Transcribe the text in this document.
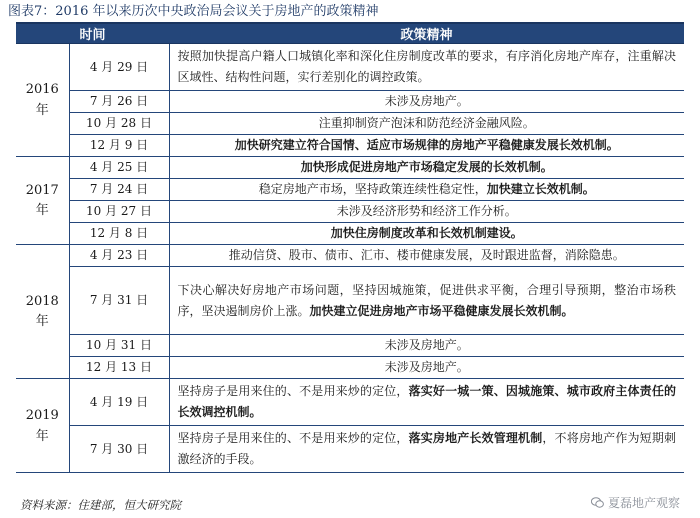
图表7：2016 年以来历次中央政治局会议关于房地产的政策精神
时间		政策精神

2016
年	4 月 29 日	按照加快提高户籍人口城镇化率和深化住房制度改革的要求，有序消化房地产库存，注重解决区域性、结构性问题，实行差别化的调控政策。
	7 月 26 日	未涉及房地产。
	10 月 28 日	注重抑制资产泡沫和防范经济金融风险。
	12 月 9 日	加快研究建立符合国情、适应市场规律的房地产平稳健康发展长效机制。

2017
年	4 月 25 日	加快形成促进房地产市场稳定发展的长效机制。
	7 月 24 日	稳定房地产市场，坚持政策连续性稳定性，加快建立长效机制。
	10 月 27 日	未涉及经济形势和经济工作分析。
	12 月 8 日	加快住房制度改革和长效机制建设。

2018
年	4 月 23 日	推动信贷、股市、债市、汇市、楼市健康发展，及时跟进监督，消除隐患。
	7 月 31 日	下决心解决好房地产市场问题，坚持因城施策，促进供求平衡，合理引导预期，整治市场秩序，坚决遏制房价上涨。加快建立促进房地产市场平稳健康发展长效机制。
	10 月 31 日	未涉及房地产。
	12 月 13 日	未涉及房地产。

2019
年	4 月 19 日	坚持房子是用来住的、不是用来炒的定位，落实好一城一策、因城施策、城市政府主体责任的长效调控机制。
	7 月 30 日	坚持房子是用来住的、不是用来炒的定位，落实房地产长效管理机制，不将房地产作为短期刺激经济的手段。
资料来源：住建部，恒大研究院	夏磊地产观察
